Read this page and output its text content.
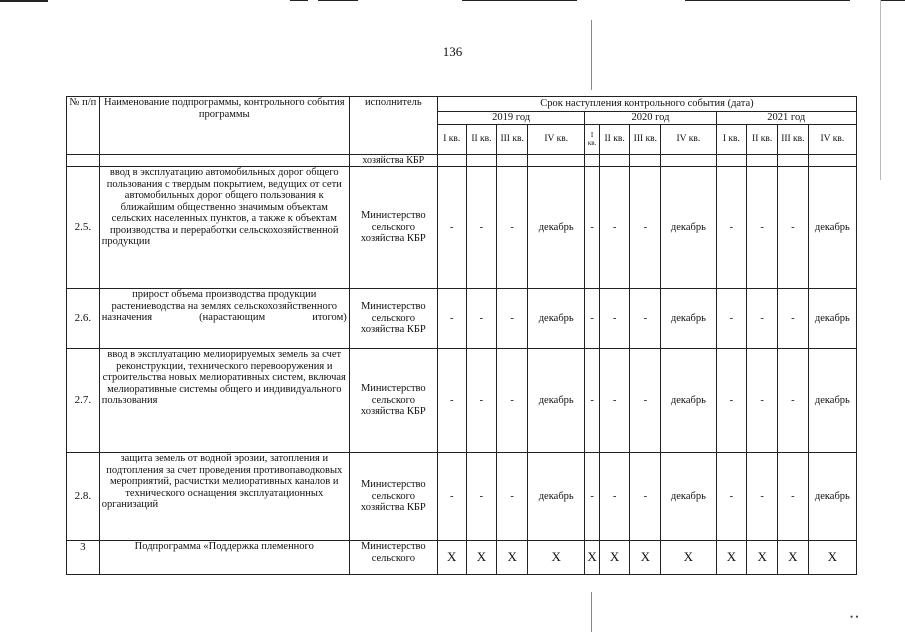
• •
136
№ п/п	Наименование подпрограммы, контрольного события программы	исполнитель	Срок наступления контрольного события (дата)											
			2019 год				2020 год				2021 год			
			I кв.	II кв.	III кв.	IV кв.	I кв.	II кв.	III кв.	IV кв.	I кв.	II кв.	III кв.	IV кв.
		хозяйства КБР												
2.5.	ввод в эксплуатацию автомобильных дорог общего пользования с твердым покрытием, ведущих от сети автомобильных дорог общего пользования к ближайшим общественно значимым объектам сельских населенных пунктов, а также к объектам производства и переработки сельскохозяйственной продукции	Министерство сельского хозяйства КБР	-	-	-	декабрь	-	-	-	декабрь	-	-	-	декабрь
2.6.	прирост объема производства продукции растениеводства на землях сельскохозяйственного назначения (нарастающим итогом)	Министерство сельского хозяйства КБР	-	-	-	декабрь	-	-	-	декабрь	-	-	-	декабрь
2.7.	ввод в эксплуатацию мелиорируемых земель за счет реконструкции, технического перевооружения и строительства новых мелиоративных систем, включая мелиоративные системы общего и индивидуального пользования	Министерство сельского хозяйства КБР	-	-	-	декабрь	-	-	-	декабрь	-	-	-	декабрь
2.8.	защита земель от водной эрозии, затопления и подтопления за счет проведения противопаводковых мероприятий, расчистки мелиоративных каналов и технического оснащения эксплуатационных организаций	Министерство сельского хозяйства КБР	-	-	-	декабрь	-	-	-	декабрь	-	-	-	декабрь
3	Подпрограмма «Поддержка племенного	Министерство сельского	X	X	X	X	X	X	X	X	X	X	X	X
